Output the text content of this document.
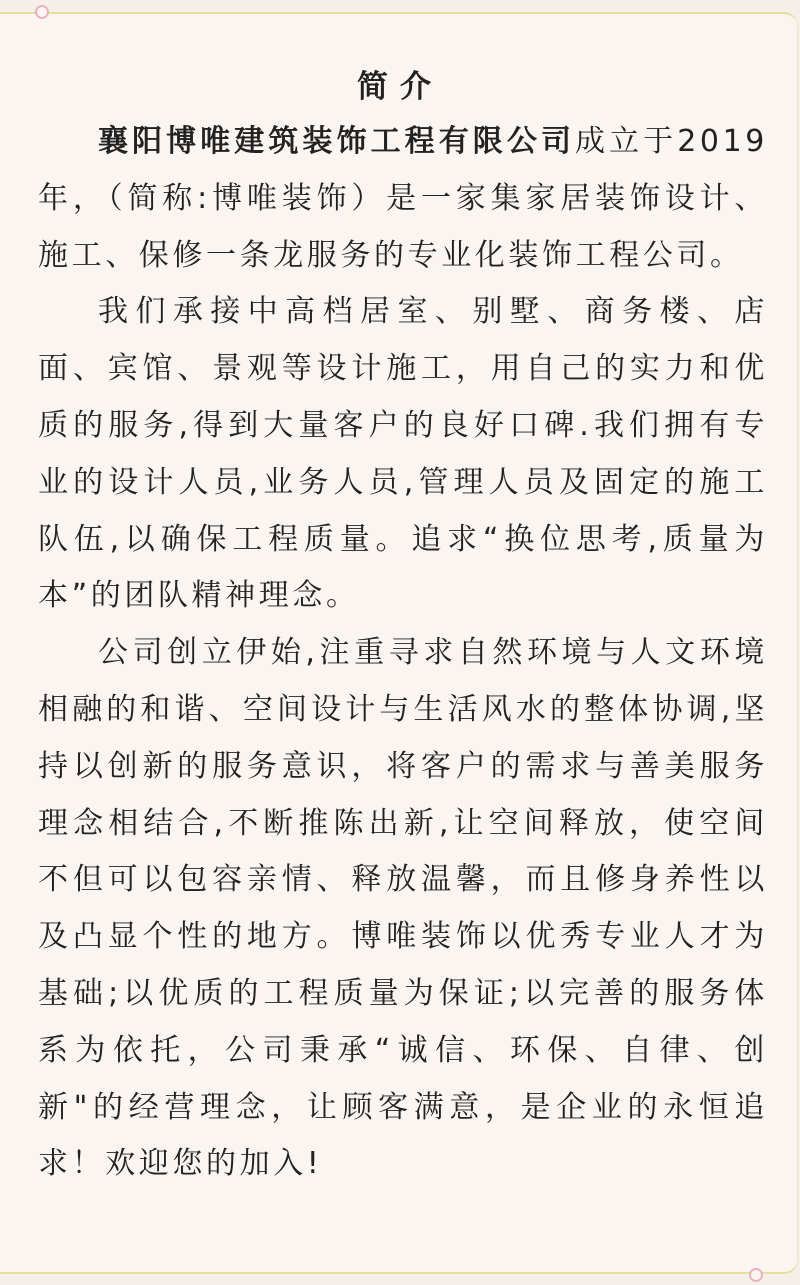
简介

襄阳博唯建筑装饰工程有限公司成立于2019年，（简称:博唯装饰）是一家集家居装饰设计、施工、保修一条龙服务的专业化装饰工程公司。

我们承接中高档居室、别墅、商务楼、店面、宾馆、景观等设计施工，用自己的实力和优质的服务,得到大量客户的良好口碑.我们拥有专业的设计人员,业务人员,管理人员及固定的施工队伍,以确保工程质量。追求“换位思考,质量为本”的团队精神理念。

公司创立伊始,注重寻求自然环境与人文环境相融的和谐、空间设计与生活风水的整体协调,坚持以创新的服务意识，将客户的需求与善美服务理念相结合,不断推陈出新,让空间释放，使空间不但可以包容亲情、释放温馨，而且修身养性以及凸显个性的地方。博唯装饰以优秀专业人才为基础;以优质的工程质量为保证;以完善的服务体系为依托，公司秉承“诚信、环保、自律、创新"的经营理念，让顾客满意，是企业的永恒追求！欢迎您的加入!
